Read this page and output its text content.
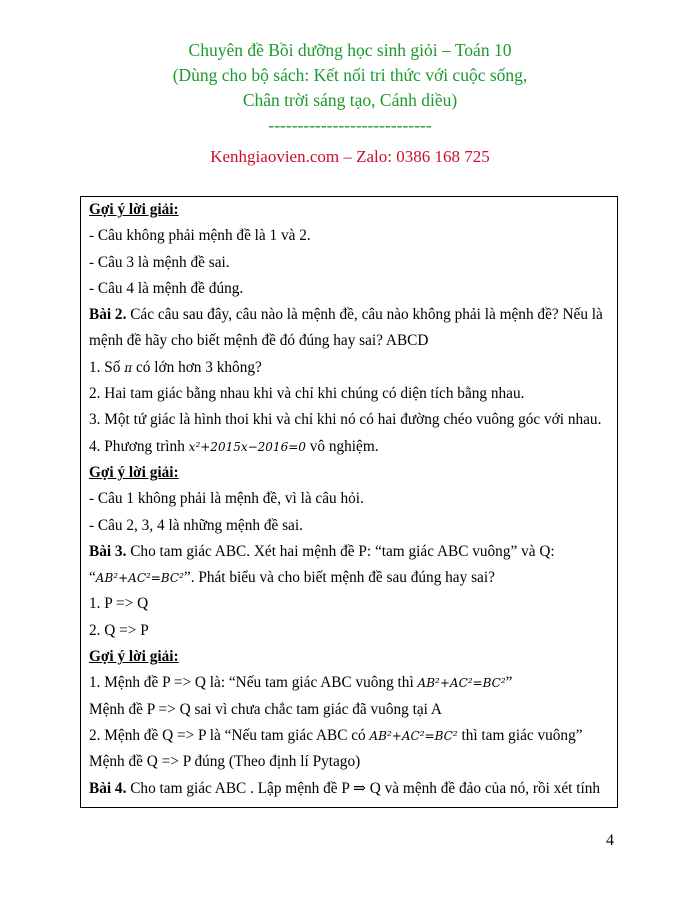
Chuyên đề Bồi dưỡng học sinh giỏi – Toán 10
(Dùng cho bộ sách: Kết nối tri thức với cuộc sống,
Chân trời sáng tạo, Cánh diều)
----------------------------
Kenhgiaovien.com – Zalo: 0386 168 725
Gợi ý lời giải:
- Câu không phải mệnh đề là 1 và 2.
- Câu 3 là mệnh đề sai.
- Câu 4 là mệnh đề đúng.
Bài 2. Các câu sau đây, câu nào là mệnh đề, câu nào không phải là mệnh đề? Nếu là
mệnh đề hãy cho biết mệnh đề đó đúng hay sai? ABCD
1. Số π có lớn hơn 3 không?
2. Hai tam giác bằng nhau khi và chỉ khi chúng có diện tích bằng nhau.
3. Một tứ giác là hình thoi khi và chỉ khi nó có hai đường chéo vuông góc với nhau.
4. Phương trình x²+2015x−2016=0 vô nghiệm.
Gợi ý lời giải:
- Câu 1 không phải là mệnh đề, vì là câu hỏi.
- Câu 2, 3, 4 là những mệnh đề sai.
Bài 3. Cho tam giác ABC. Xét hai mệnh đề P: “tam giác ABC vuông” và Q:
“AB²+AC²=BC²”. Phát biểu và cho biết mệnh đề sau đúng hay sai?
1. P => Q
2. Q => P
Gợi ý lời giải:
1. Mệnh đề P => Q là: “Nếu tam giác ABC vuông thì AB²+AC²=BC²”
Mệnh đề P => Q sai vì chưa chắc tam giác đã vuông tại A
2. Mệnh đề Q => P là “Nếu tam giác ABC có AB²+AC²=BC² thì tam giác vuông”
Mệnh đề Q => P đúng (Theo định lí Pytago)
Bài 4. Cho tam giác ABC . Lập mệnh đề P ⇒ Q và mệnh đề đảo của nó, rồi xét tính
4
